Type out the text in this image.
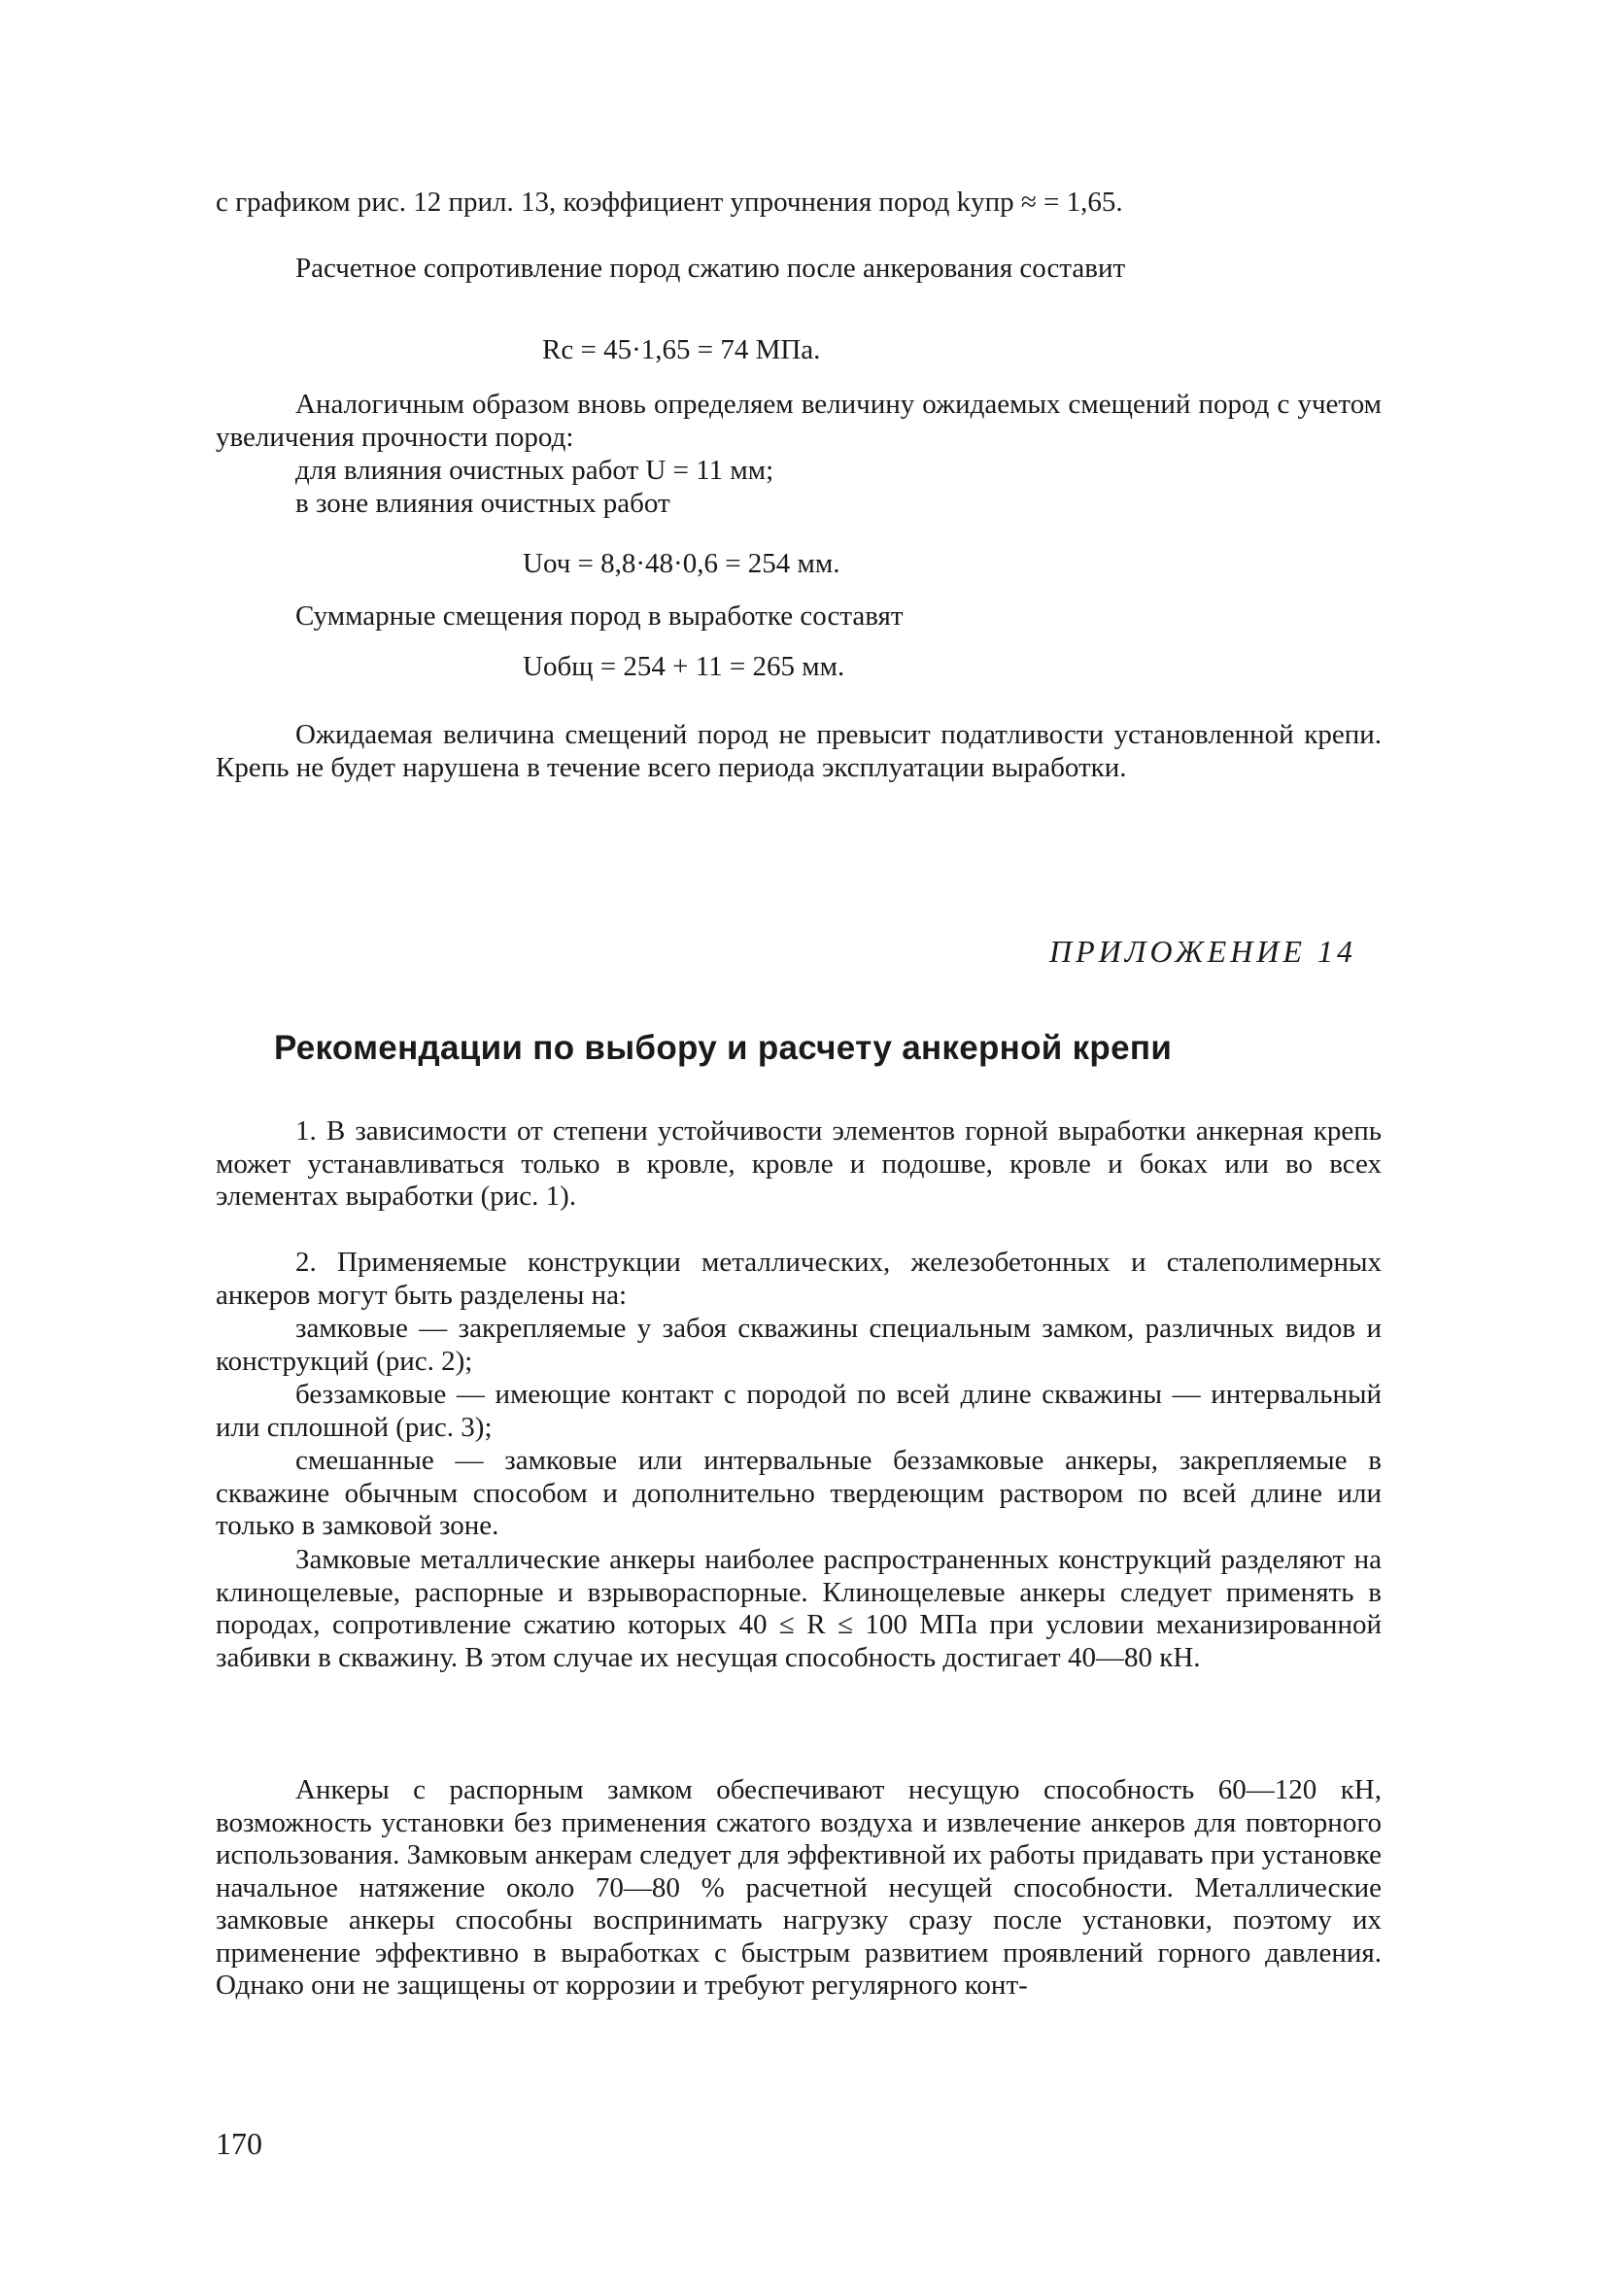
с графиком рис. 12 прил. 13, коэффициент упрочнения пород kупр ≈ = 1,65.

Расчетное сопротивление пород сжатию после анкерования составит

Rc = 45·1,65 = 74 МПа.

Аналогичным образом вновь определяем величину ожидаемых смещений пород с учетом увеличения прочности пород:

для влияния очистных работ U = 11 мм;

в зоне влияния очистных работ

Uоч = 8,8·48·0,6 = 254 мм.

Суммарные смещения пород в выработке составят

Uобщ = 254 + 11 = 265 мм.

Ожидаемая величина смещений пород не превысит податливости установленной крепи. Крепь не будет нарушена в течение всего периода эксплуатации выработки.

ПРИЛОЖЕНИЕ 14

Рекомендации по выбору и расчету анкерной крепи

1. В зависимости от степени устойчивости элементов горной выработки анкерная крепь может устанавливаться только в кровле, кровле и подошве, кровле и боках или во всех элементах выработки (рис. 1).

2. Применяемые конструкции металлических, железобетонных и сталеполимерных анкеров могут быть разделены на:

замковые — закрепляемые у забоя скважины специальным замком, различных видов и конструкций (рис. 2);

беззамковые — имеющие контакт с породой по всей длине скважины — интервальный или сплошной (рис. 3);

смешанные — замковые или интервальные беззамковые анкеры, закрепляемые в скважине обычным способом и дополнительно твердеющим раствором по всей длине или только в замковой зоне.

Замковые металлические анкеры наиболее распространенных конструкций разделяют на клинощелевые, распорные и взрывораспорные. Клинощелевые анкеры следует применять в породах, сопротивление сжатию которых 40 ≤ R ≤ 100 МПа при условии механизированной забивки в скважину. В этом случае их несущая способность достигает 40—80 кН.

Анкеры с распорным замком обеспечивают несущую способность 60—120 кН, возможность установки без применения сжатого воздуха и извлечение анкеров для повторного использования. Замковым анкерам следует для эффективной их работы придавать при установке начальное натяжение около 70—80 % расчетной несущей способности. Металлические замковые анкеры способны воспринимать нагрузку сразу после установки, поэтому их применение эффективно в выработках с быстрым развитием проявлений горного давления. Однако они не защищены от коррозии и требуют регулярного конт-

170
